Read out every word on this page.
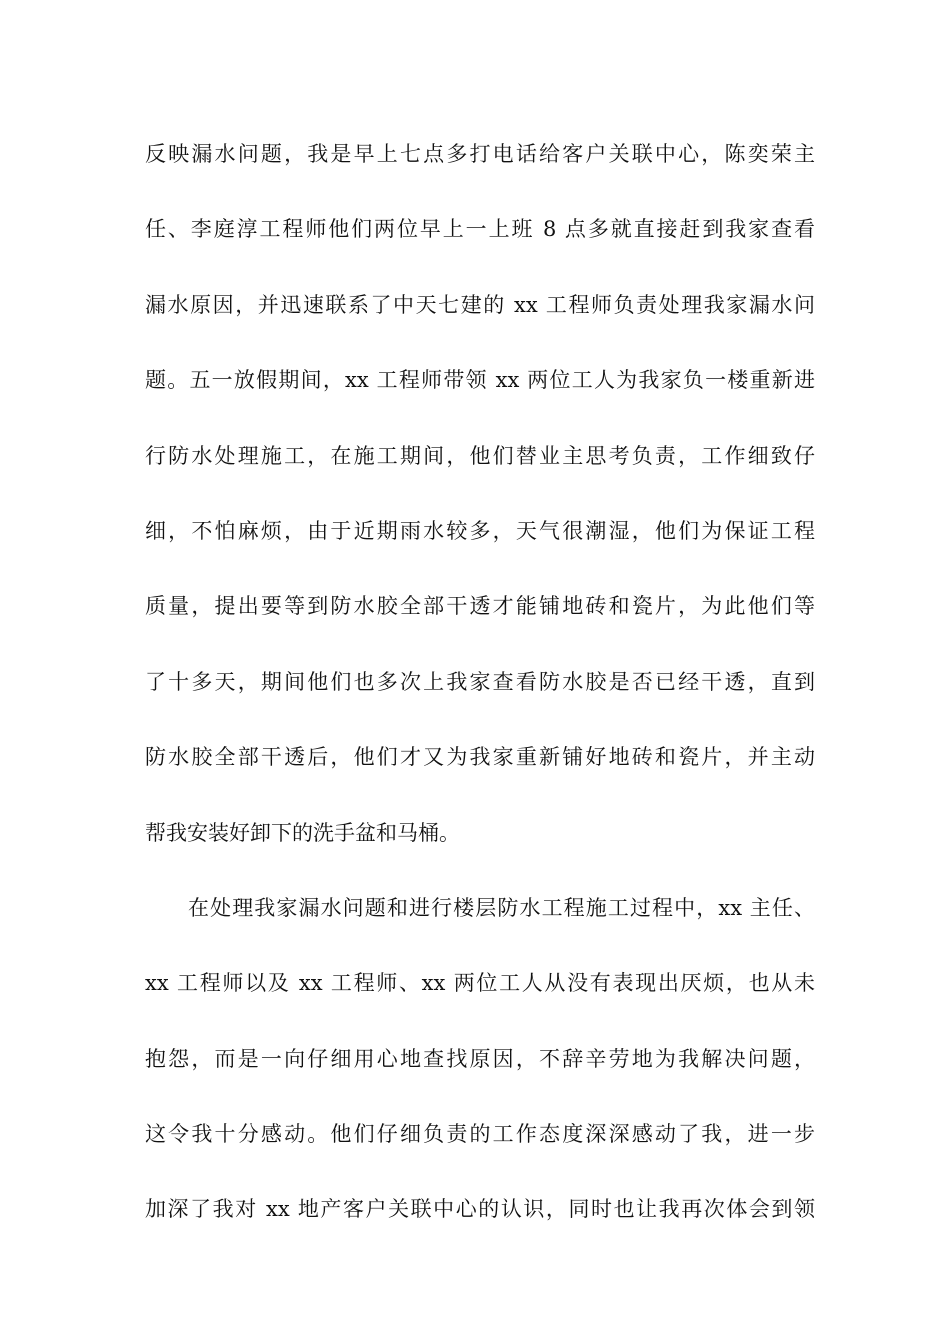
反映漏水问题，我是早上七点多打电话给客户关联中心，陈奕荣主
任、李庭淳工程师他们两位早上一上班 8 点多就直接赶到我家查看
漏水原因，并迅速联系了中天七建的 xx 工程师负责处理我家漏水问
题。五一放假期间，xx 工程师带领 xx 两位工人为我家负一楼重新进
行防水处理施工，在施工期间，他们替业主思考负责，工作细致仔
细，不怕麻烦，由于近期雨水较多，天气很潮湿，他们为保证工程
质量，提出要等到防水胶全部干透才能铺地砖和瓷片，为此他们等
了十多天，期间他们也多次上我家查看防水胶是否已经干透，直到
防水胶全部干透后，他们才又为我家重新铺好地砖和瓷片，并主动
帮我安装好卸下的洗手盆和马桶。
在处理我家漏水问题和进行楼层防水工程施工过程中，xx 主任、
xx 工程师以及 xx 工程师、xx 两位工人从没有表现出厌烦，也从未
抱怨，而是一向仔细用心地查找原因，不辞辛劳地为我解决问题，
这令我十分感动。他们仔细负责的工作态度深深感动了我，进一步
加深了我对 xx 地产客户关联中心的认识，同时也让我再次体会到领
